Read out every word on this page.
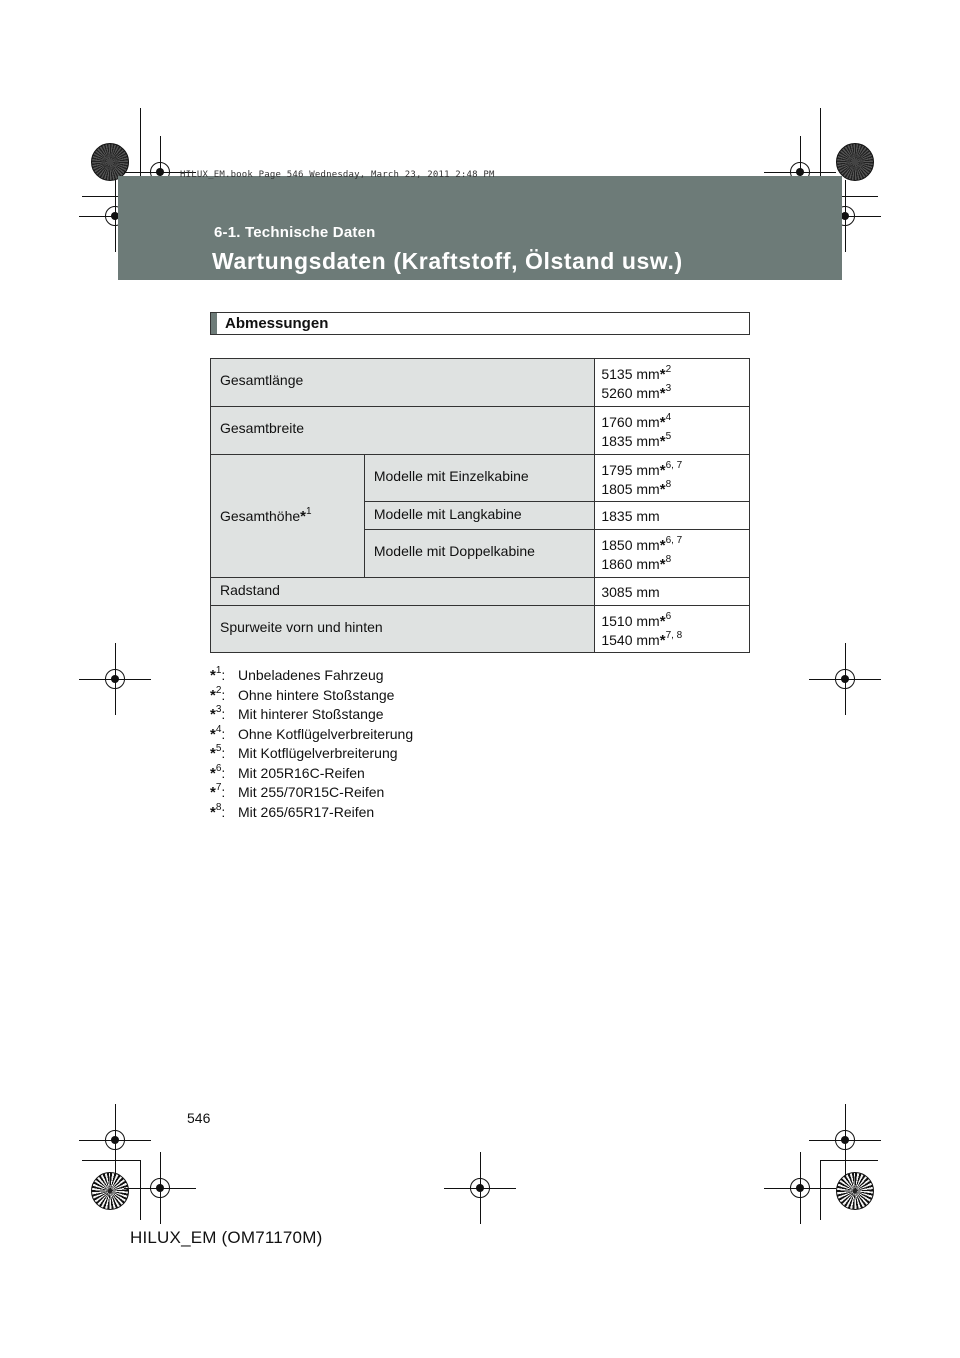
6-1. Technische Daten
Wartungsdaten (Kraftstoff, Ölstand usw.)
HILUX_EM.book Page 546 Wednesday, March 23, 2011 2:48 PM
Abmessungen
Gesamtlänge		5135 mm*$^2$
5260 mm*$^3$
Gesamtbreite		1760 mm*$^4$
1835 mm*$^5$
Gesamthöhe*$^1$	Modelle mit Einzelkabine	1795 mm*$^{6, 7}$
1805 mm*$^8$
	Modelle mit Langkabine	1835 mm
	Modelle mit Doppelkabine	1850 mm*$^{6, 7}$
1860 mm*$^8$
Radstand		3085 mm
Spurweite vorn und hinten		1510 mm*$^6$
1540 mm*$^{7, 8}$
*$^1$: Unbeladenes Fahrzeug
*$^2$: Ohne hintere Stoßstange
*$^3$: Mit hinterer Stoßstange
*$^4$: Ohne Kotflügelverbreiterung
*$^5$: Mit Kotflügelverbreiterung
*$^6$: Mit 205R16C-Reifen
*$^7$: Mit 255/70R15C-Reifen
*$^8$: Mit 265/65R17-Reifen
546
HILUX_EM (OM71170M)
